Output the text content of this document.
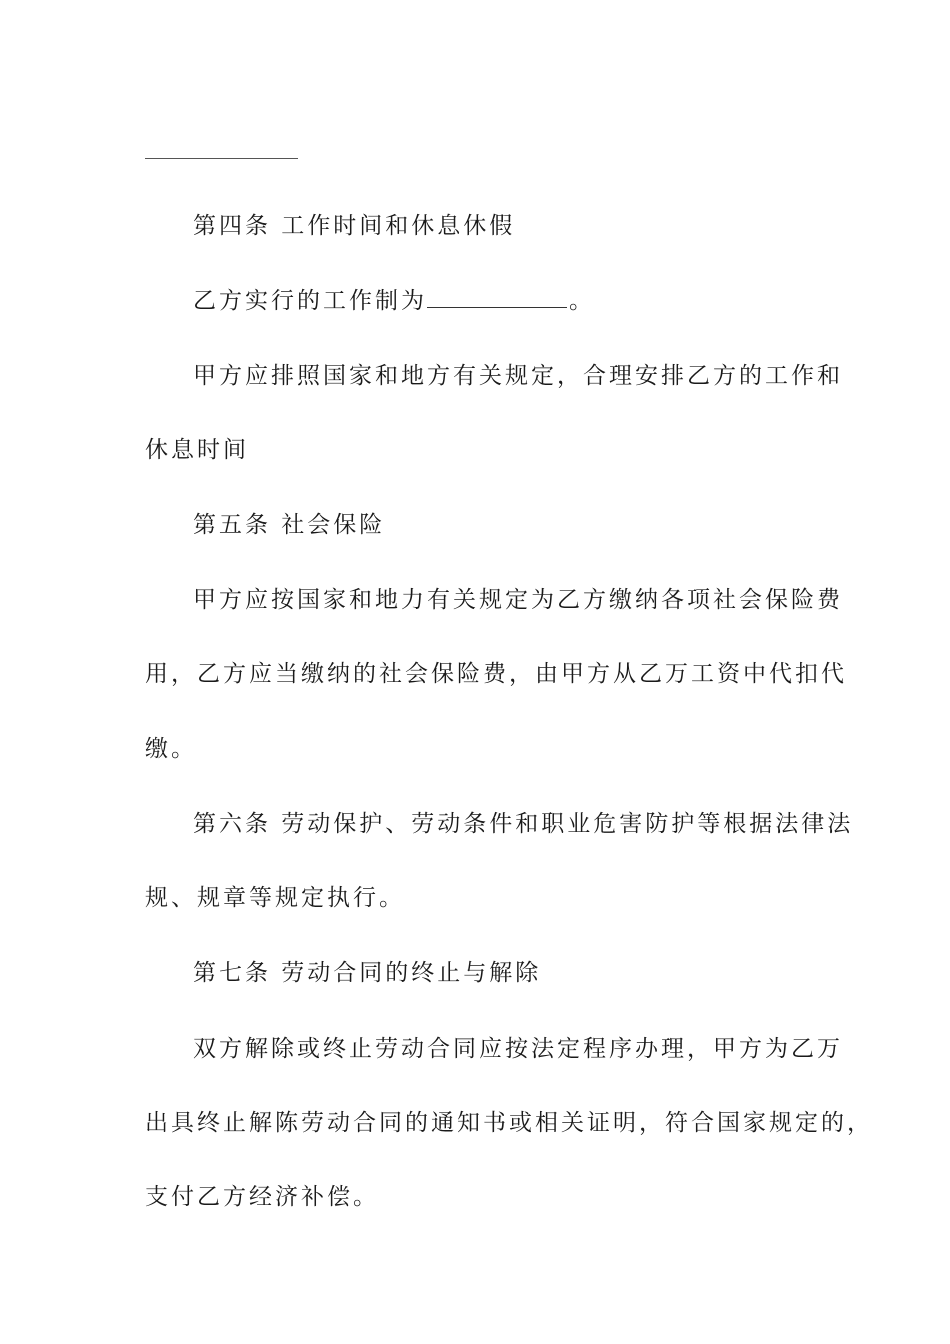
第四条 工作时间和休息休假
乙方实行的工作制为	。
甲方应排照国家和地方有关规定，合理安排乙方的工作和
休息时间
第五条 社会保险
甲方应按国家和地力有关规定为乙方缴纳各项社会保险费
用，乙方应当缴纳的社会保险费，由甲方从乙万工资中代扣代
缴。
第六条 劳动保护、劳动条件和职业危害防护等根据法律法
规、规章等规定执行。
第七条 劳动合同的终止与解除
双方解除或终止劳动合同应按法定程序办理，甲方为乙万
出具终止解陈劳动合同的通知书或相关证明，符合国家规定的，
支付乙方经济补偿。
